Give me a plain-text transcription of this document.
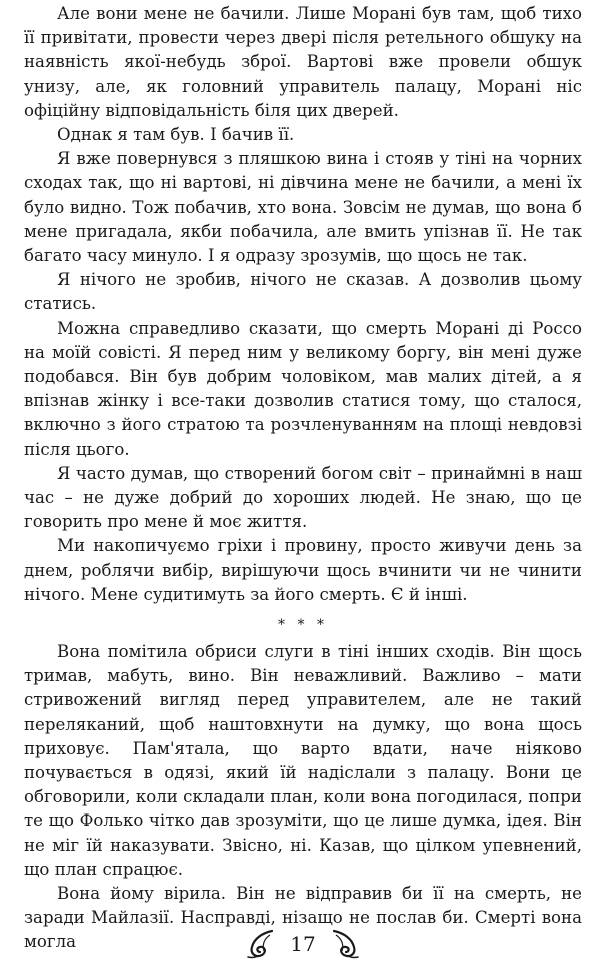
Але вони мене не бачили. Лише Морані був там, щоб тихо її привітати, провести через двері після ретельного обшуку на наявність якої-небудь зброї. Вартові вже провели обшук унизу, але, як головний управитель палацу, Морані ніс офіційну відповідальність біля цих дверей.

Однак я там був. І бачив її.

Я вже повернувся з пляшкою вина і стояв у тіні на чорних сходах так, що ні вартові, ні дівчина мене не бачили, а мені їх було видно. Тож побачив, хто вона. Зовсім не думав, що вона б мене пригадала, якби побачила, але вмить упізнав її. Не так багато часу минуло. І я одразу зрозумів, що щось не так.

Я нічого не зробив, нічого не сказав. А дозволив цьому статись.

Можна справедливо сказати, що смерть Морані ді Россо на моїй совісті. Я перед ним у великому боргу, він мені дуже подобався. Він був добрим чоловіком, мав малих дітей, а я впізнав жінку і все-таки дозволив статися тому, що сталося, включно з його стратою та розчленуванням на площі невдовзі після цього.

Я часто думав, що створений богом світ – принаймні в наш час – не дуже добрий до хороших людей. Не знаю, що це говорить про мене й моє життя.

Ми накопичуємо гріхи і провину, просто живучи день за днем, роблячи вибір, вирішуючи щось вчинити чи не чинити нічого. Мене судитимуть за його смерть. Є й інші.

* * *

Вона помітила обриси слуги в тіні інших сходів. Він щось тримав, мабуть, вино. Він неважливий. Важливо – мати стривожений вигляд перед управителем, але не такий переляканий, щоб наштовхнути на думку, що вона щось приховує. Пам'ятала, що варто вдати, наче ніяково почувається в одязі, який їй надіслали з палацу. Вони це обговорили, коли складали план, коли вона погодилася, попри те що Фолько чітко дав зрозуміти, що це лише думка, ідея. Він не міг їй наказувати. Звісно, ні. Казав, що цілком упевнений, що план спрацює.

Вона йому вірила. Він не відправив би її на смерть, не заради Майлазії. Насправді, нізащо не послав би. Смерті вона могла	17
